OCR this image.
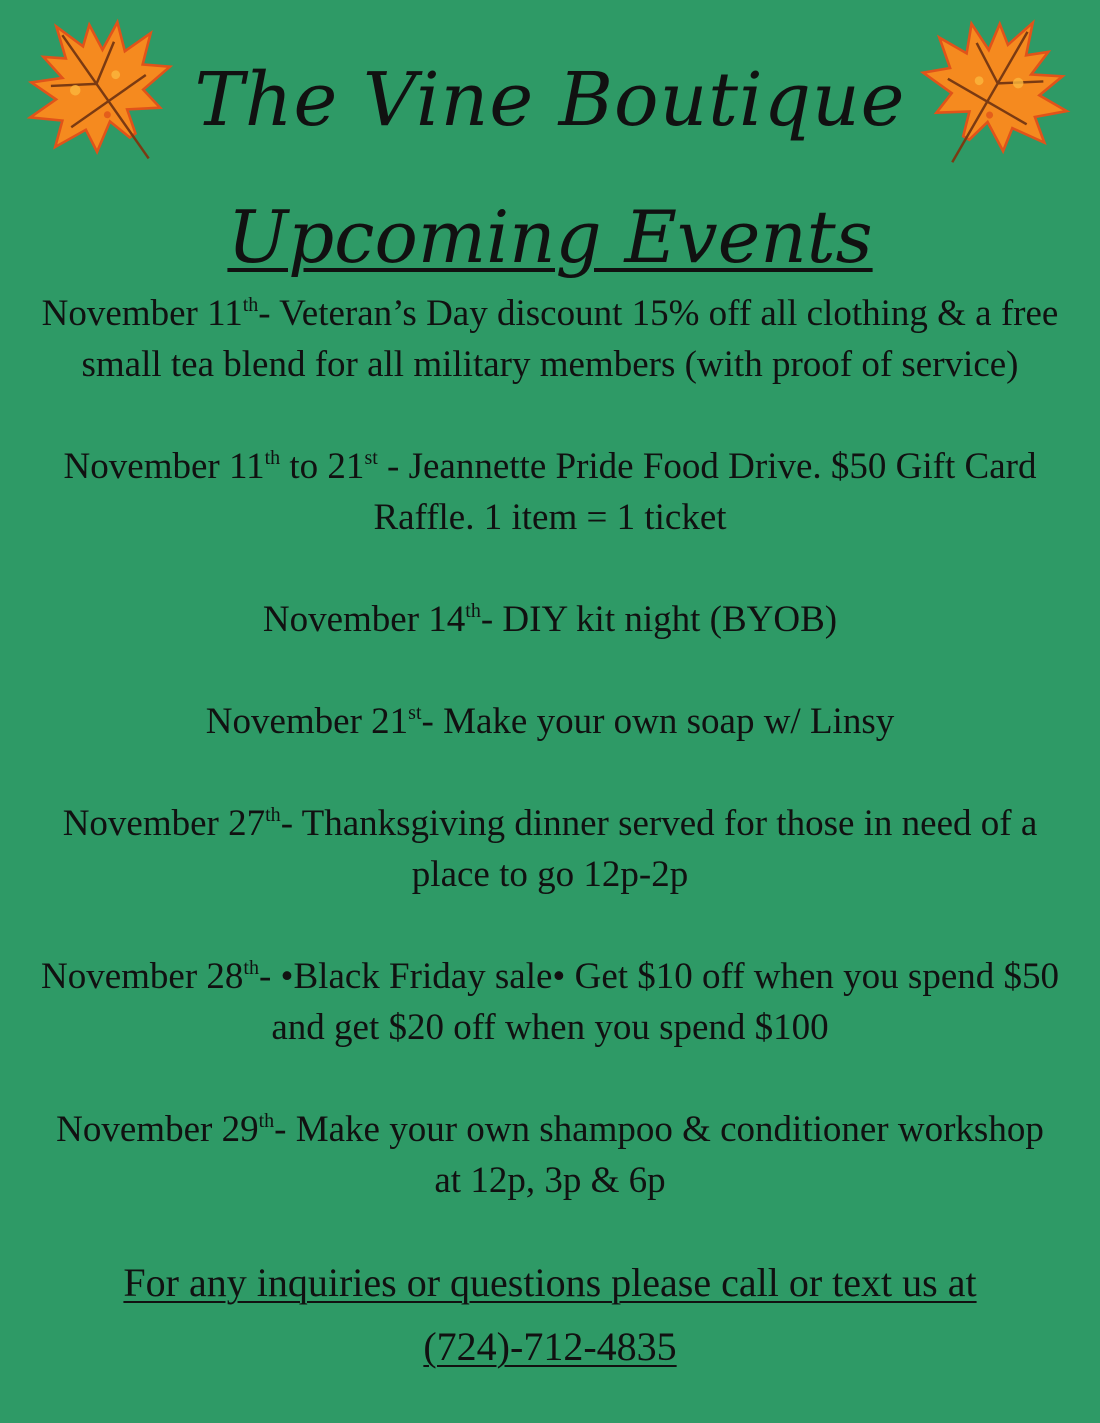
The Vine Boutique
Upcoming Events

November 11th- Veteran’s Day discount 15% off all clothing & a free small tea blend for all military members (with proof of service)

November 11th to 21st - Jeannette Pride Food Drive. $50 Gift Card Raffle. 1 item = 1 ticket

November 14th- DIY kit night (BYOB)

November 21st- Make your own soap w/ Linsy

November 27th- Thanksgiving dinner served for those in need of a place to go 12p-2p

November 28th- •Black Friday sale• Get $10 off when you spend $50 and get $20 off when you spend $100

November 29th- Make your own shampoo & conditioner workshop at 12p, 3p & 6p

For any inquiries or questions please call or text us at
(724)-712-4835
